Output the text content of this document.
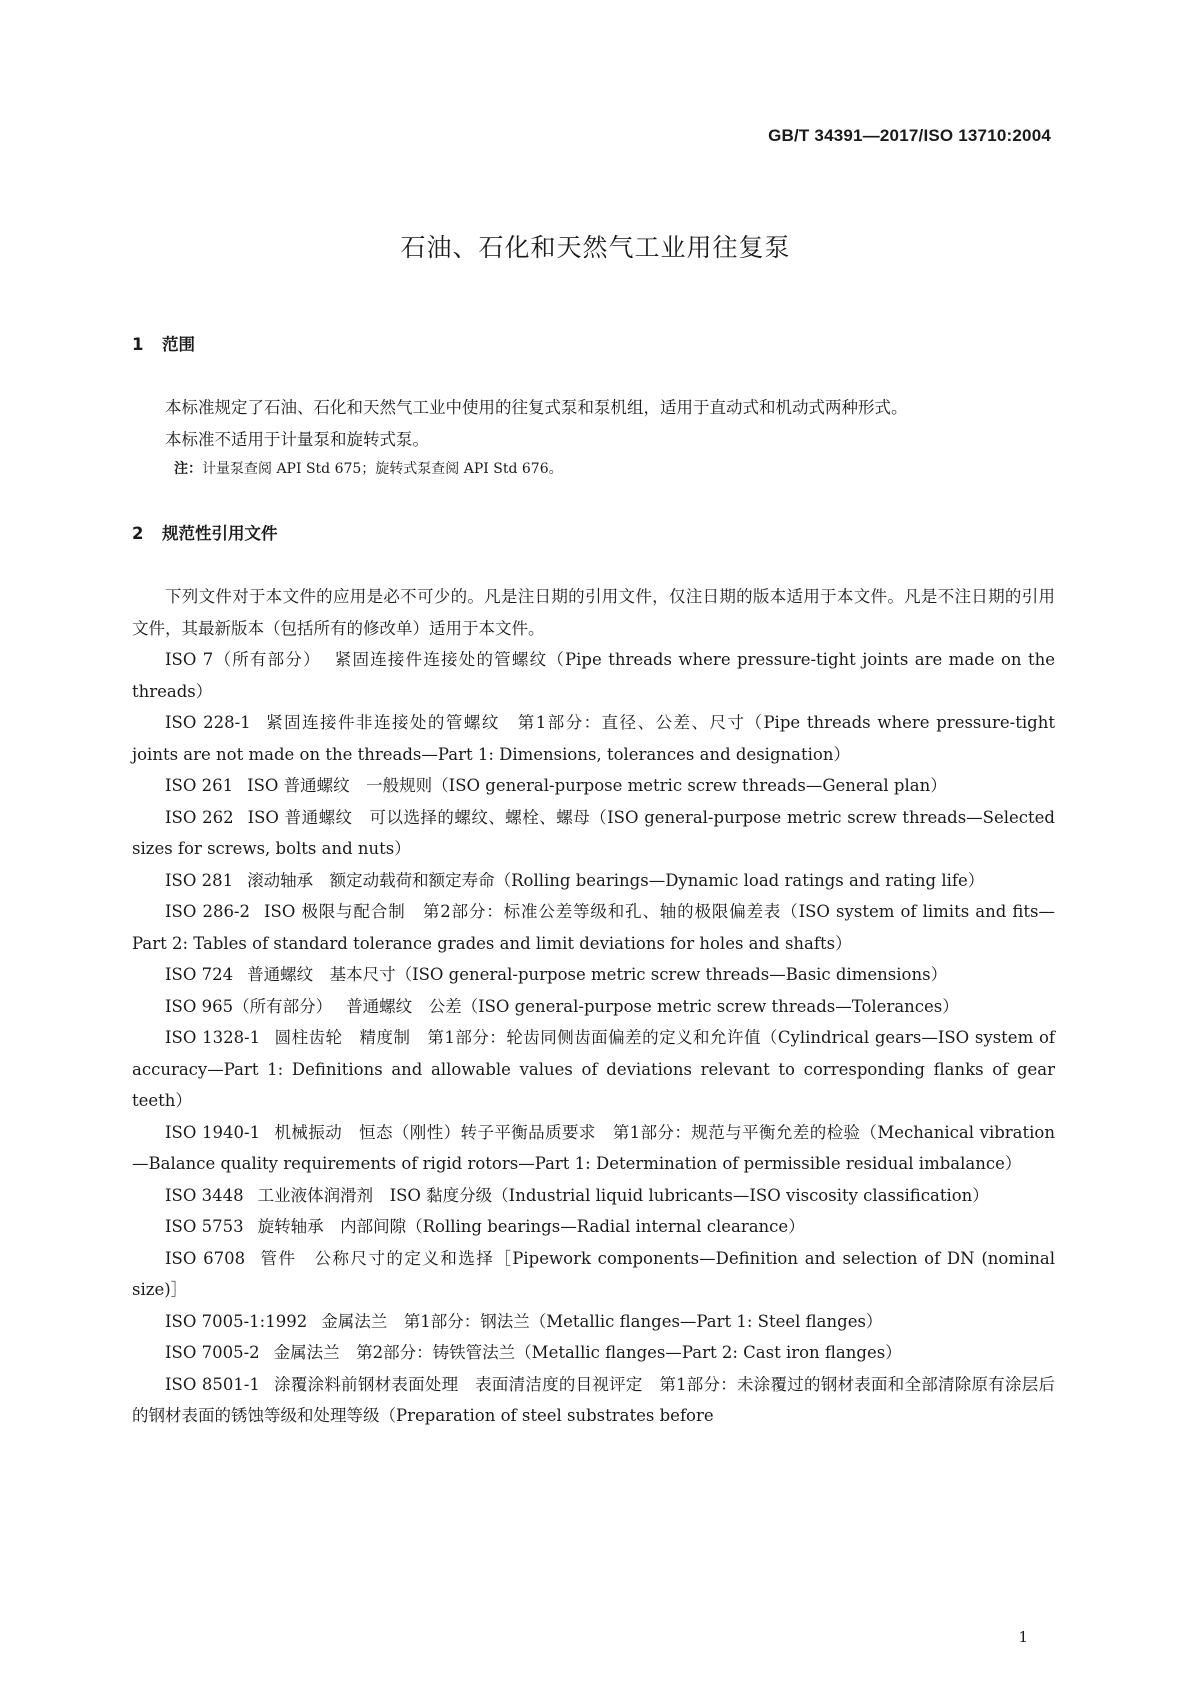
GB/T 34391—2017/ISO 13710:2004
石油、石化和天然气工业用往复泵
1 范围

本标准规定了石油、石化和天然气工业中使用的往复式泵和泵机组，适用于直动式和机动式两种形式。

本标准不适用于计量泵和旋转式泵。

注：计量泵查阅 API Std 675；旋转式泵查阅 API Std 676。

2 规范性引用文件

下列文件对于本文件的应用是必不可少的。凡是注日期的引用文件，仅注日期的版本适用于本文件。凡是不注日期的引用文件，其最新版本（包括所有的修改单）适用于本文件。

ISO 7（所有部分） 紧固连接件连接处的管螺纹（Pipe threads where pressure-tight joints are made on the threads）

ISO 228-1 紧固连接件非连接处的管螺纹　第1部分：直径、公差、尺寸（Pipe threads where pressure-tight joints are not made on the threads—Part 1: Dimensions, tolerances and designation）

ISO 261 ISO 普通螺纹　一般规则（ISO general-purpose metric screw threads—General plan）

ISO 262 ISO 普通螺纹　可以选择的螺纹、螺栓、螺母（ISO general-purpose metric screw threads—Selected sizes for screws, bolts and nuts）

ISO 281 滚动轴承　额定动载荷和额定寿命（Rolling bearings—Dynamic load ratings and rating life）

ISO 286-2 ISO 极限与配合制　第2部分：标准公差等级和孔、轴的极限偏差表（ISO system of limits and fits—Part 2: Tables of standard tolerance grades and limit deviations for holes and shafts）

ISO 724 普通螺纹　基本尺寸（ISO general-purpose metric screw threads—Basic dimensions）

ISO 965（所有部分） 普通螺纹　公差（ISO general-purpose metric screw threads—Tolerances）

ISO 1328-1 圆柱齿轮　精度制　第1部分：轮齿同侧齿面偏差的定义和允许值（Cylindrical gears—ISO system of accuracy—Part 1: Definitions and allowable values of deviations relevant to corresponding flanks of gear teeth）

ISO 1940-1 机械振动　恒态（刚性）转子平衡品质要求　第1部分：规范与平衡允差的检验（Mechanical vibration—Balance quality requirements of rigid rotors—Part 1: Determination of permissible residual imbalance）

ISO 3448 工业液体润滑剂　ISO 黏度分级（Industrial liquid lubricants—ISO viscosity classification）

ISO 5753 旋转轴承　内部间隙（Rolling bearings—Radial internal clearance）

ISO 6708 管件　公称尺寸的定义和选择［Pipework components—Definition and selection of DN (nominal size)］

ISO 7005-1:1992 金属法兰　第1部分：钢法兰（Metallic flanges—Part 1: Steel flanges）

ISO 7005-2 金属法兰　第2部分：铸铁管法兰（Metallic flanges—Part 2: Cast iron flanges）

ISO 8501-1 涂覆涂料前钢材表面处理　表面清洁度的目视评定　第1部分：未涂覆过的钢材表面和全部清除原有涂层后的钢材表面的锈蚀等级和处理等级（Preparation of steel substrates before

1
